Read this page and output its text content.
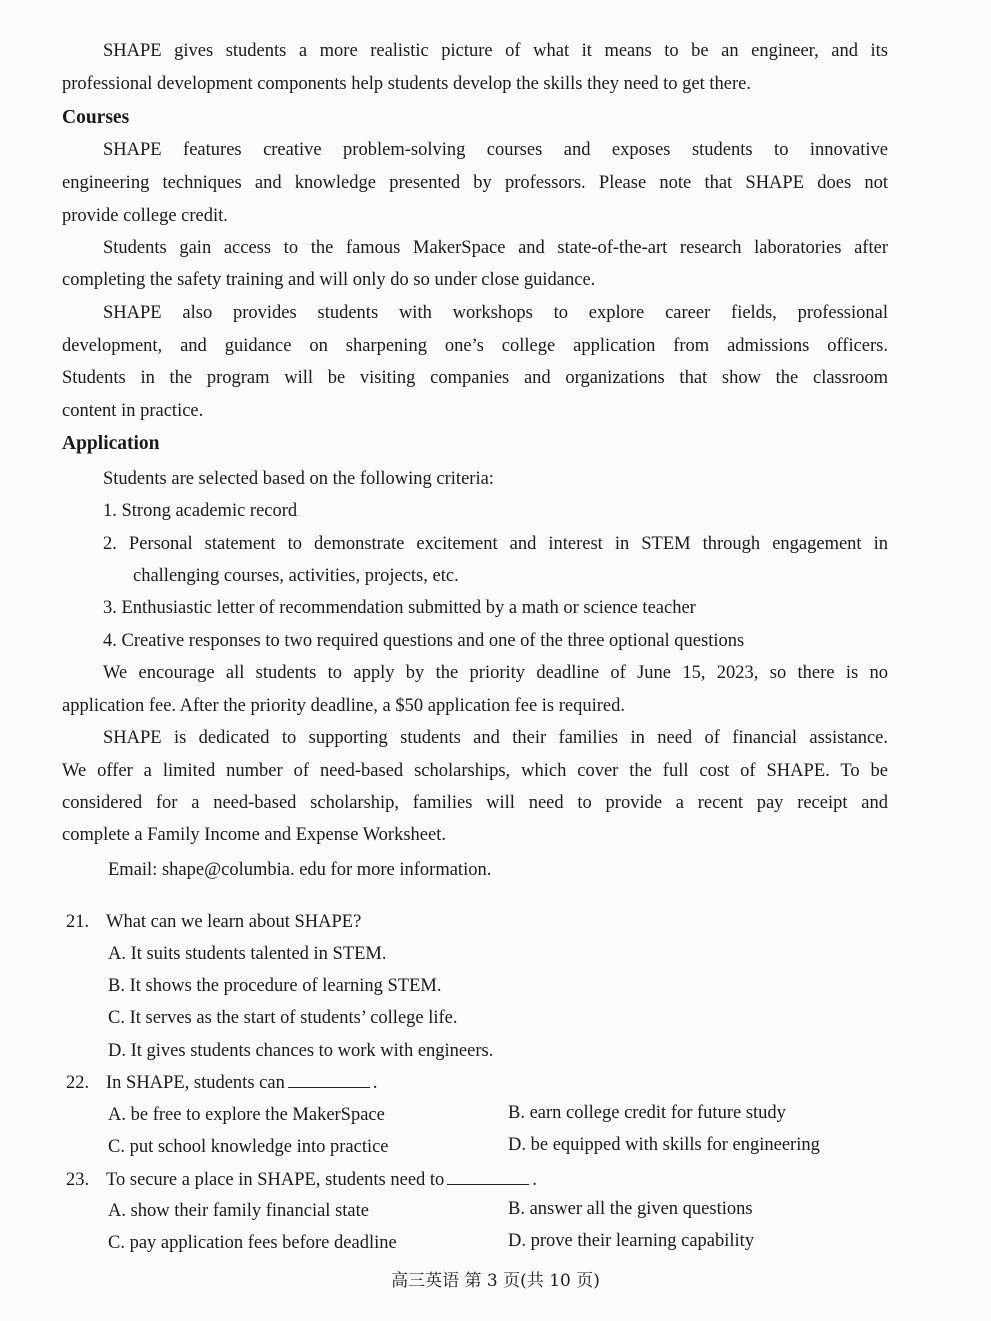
SHAPE gives students a more realistic picture of what it means to be an engineer, and its
professional development components help students develop the skills they need to get there.
Courses
SHAPE features creative problem-solving courses and exposes students to innovative
engineering techniques and knowledge presented by professors. Please note that SHAPE does not
provide college credit.
Students gain access to the famous MakerSpace and state-of-the-art research laboratories after
completing the safety training and will only do so under close guidance.
SHAPE also provides students with workshops to explore career fields, professional
development, and guidance on sharpening one’s college application from admissions officers.
Students in the program will be visiting companies and organizations that show the classroom
content in practice.
Application
Students are selected based on the following criteria:
1. Strong academic record
2. Personal statement to demonstrate excitement and interest in STEM through engagement in
challenging courses, activities, projects, etc.
3. Enthusiastic letter of recommendation submitted by a math or science teacher
4. Creative responses to two required questions and one of the three optional questions
We encourage all students to apply by the priority deadline of June 15, 2023, so there is no
application fee. After the priority deadline, a $50 application fee is required.
SHAPE is dedicated to supporting students and their families in need of financial assistance.
We offer a limited number of need-based scholarships, which cover the full cost of SHAPE. To be
considered for a need-based scholarship, families will need to provide a recent pay receipt and
complete a Family Income and Expense Worksheet.
Email: shape@columbia. edu for more information.
21. What can we learn about SHAPE?
A. It suits students talented in STEM.
B. It shows the procedure of learning STEM.
C. It serves as the start of students’ college life.
D. It gives students chances to work with engineers.
22. In SHAPE, students can	.
A. be free to explore the MakerSpace	B. earn college credit for future study
C. put school knowledge into practice	D. be equipped with skills for engineering
23. To secure a place in SHAPE, students need to	.
A. show their family financial state	B. answer all the given questions
C. pay application fees before deadline	D. prove their learning capability
高三英语 第 3 页(共 10 页)
